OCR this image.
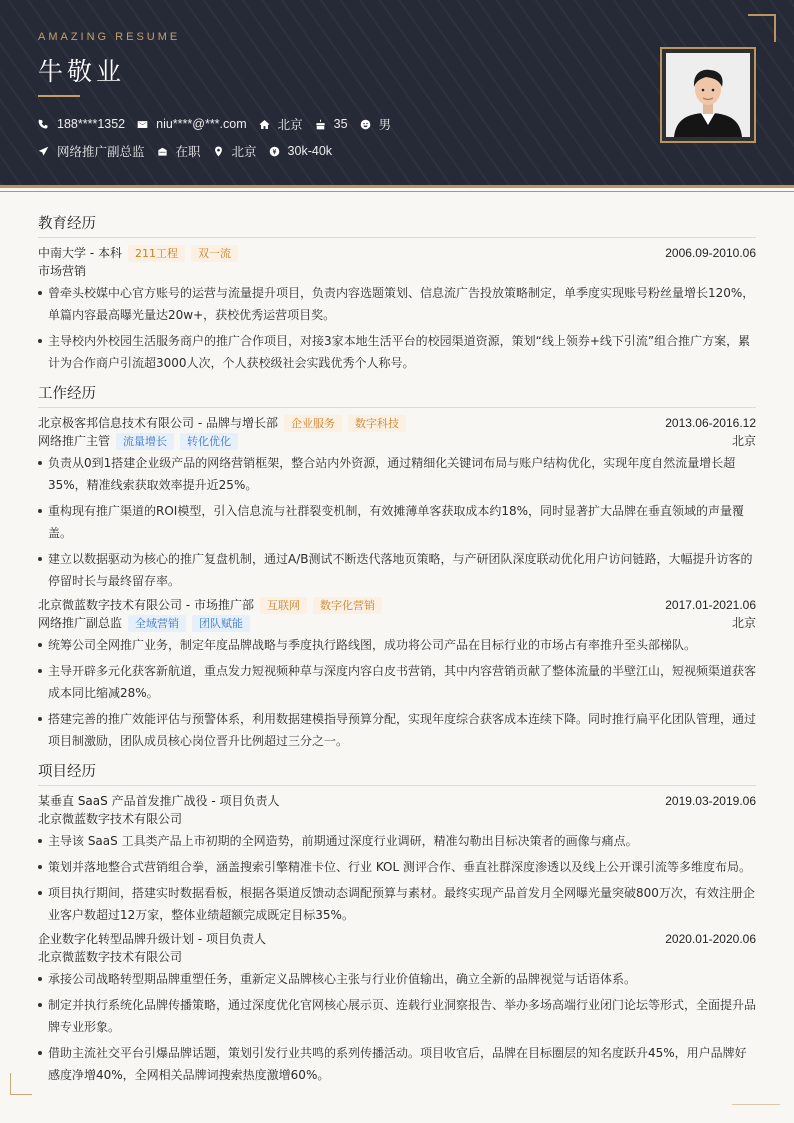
AMAZING RESUME
牛敬业
188****1352 niu****@***.com 北京 35 男
网络推广副总监 在职 北京 30k-40k
教育经历
中南大学 - 本科	211工程	双一流	2006.09-2010.06
市场营销
曾牵头校媒中心官方账号的运营与流量提升项目，负责内容选题策划、信息流广告投放策略制定，单季度实现账号粉丝量增长120%，单篇内容最高曝光量达20w+，获校优秀运营项目奖。
主导校内外校园生活服务商户的推广合作项目，对接3家本地生活平台的校园渠道资源，策划“线上领券+线下引流”组合推广方案，累计为合作商户引流超3000人次，个人获校级社会实践优秀个人称号。
工作经历
北京极客邦信息技术有限公司 - 品牌与增长部	企业服务	数字科技	2013.06-2016.12
网络推广主管	流量增长	转化优化	北京
负责从0到1搭建企业级产品的网络营销框架，整合站内外资源，通过精细化关键词布局与账户结构优化，实现年度自然流量增长超35%，精准线索获取效率提升近25%。
重构现有推广渠道的ROI模型，引入信息流与社群裂变机制，有效摊薄单客获取成本约18%，同时显著扩大品牌在垂直领域的声量覆盖。
建立以数据驱动为核心的推广复盘机制，通过A/B测试不断迭代落地页策略，与产研团队深度联动优化用户访问链路，大幅提升访客的停留时长与最终留存率。
北京微蓝数字技术有限公司 - 市场推广部	互联网	数字化营销	2017.01-2021.06
网络推广副总监	全域营销	团队赋能	北京
统筹公司全网推广业务，制定年度品牌战略与季度执行路线图，成功将公司产品在目标行业的市场占有率推升至头部梯队。
主导开辟多元化获客新航道，重点发力短视频种草与深度内容白皮书营销，其中内容营销贡献了整体流量的半壁江山，短视频渠道获客成本同比缩减28%。
搭建完善的推广效能评估与预警体系，利用数据建模指导预算分配，实现年度综合获客成本连续下降。同时推行扁平化团队管理，通过项目制激励，团队成员核心岗位晋升比例超过三分之一。
项目经历
某垂直 SaaS 产品首发推广战役 - 项目负责人	2019.03-2019.06
北京微蓝数字技术有限公司
主导该 SaaS 工具类产品上市初期的全网造势，前期通过深度行业调研，精准勾勒出目标决策者的画像与痛点。
策划并落地整合式营销组合拳，涵盖搜索引擎精准卡位、行业 KOL 测评合作、垂直社群深度渗透以及线上公开课引流等多维度布局。
项目执行期间，搭建实时数据看板，根据各渠道反馈动态调配预算与素材。最终实现产品首发月全网曝光量突破800万次，有效注册企业客户数超过12万家，整体业绩超额完成既定目标35%。
企业数字化转型品牌升级计划 - 项目负责人	2020.01-2020.06
北京微蓝数字技术有限公司
承接公司战略转型期品牌重塑任务，重新定义品牌核心主张与行业价值输出，确立全新的品牌视觉与话语体系。
制定并执行系统化品牌传播策略，通过深度优化官网核心展示页、连载行业洞察报告、举办多场高端行业闭门论坛等形式，全面提升品牌专业形象。
借助主流社交平台引爆品牌话题，策划引发行业共鸣的系列传播活动。项目收官后，品牌在目标圈层的知名度跃升45%，用户品牌好感度净增40%，全网相关品牌词搜索热度激增60%。
